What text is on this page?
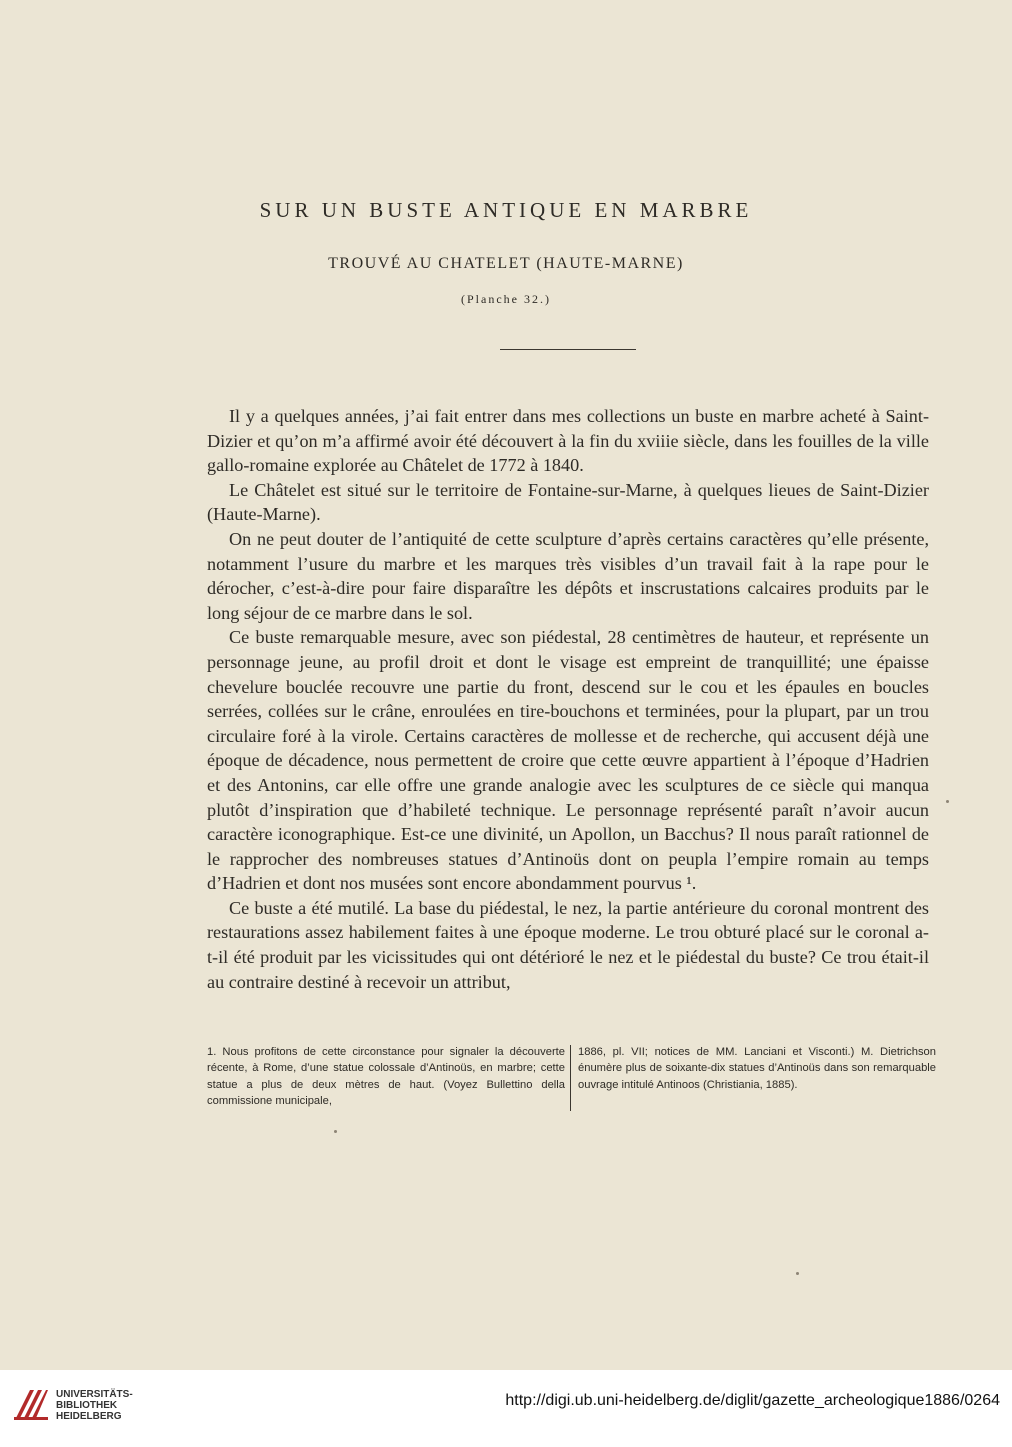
SUR UN BUSTE ANTIQUE EN MARBRE
TROUVÉ AU CHATELET (HAUTE-MARNE)
(Planche 32.)

Il y a quelques années, j’ai fait entrer dans mes collections un buste en marbre acheté à Saint-Dizier et qu’on m’a affirmé avoir été découvert à la fin du xviiie siècle, dans les fouilles de la ville gallo-romaine explorée au Châtelet de 1772 à 1840.

Le Châtelet est situé sur le territoire de Fontaine-sur-Marne, à quelques lieues de Saint-Dizier (Haute-Marne).

On ne peut douter de l’antiquité de cette sculpture d’après certains caractères qu’elle présente, notamment l’usure du marbre et les marques très visibles d’un travail fait à la rape pour le dérocher, c’est-à-dire pour faire disparaître les dépôts et inscrustations calcaires produits par le long séjour de ce marbre dans le sol.

Ce buste remarquable mesure, avec son piédestal, 28 centimètres de hauteur, et représente un personnage jeune, au profil droit et dont le visage est empreint de tranquillité; une épaisse chevelure bouclée recouvre une partie du front, descend sur le cou et les épaules en boucles serrées, collées sur le crâne, enroulées en tire-bouchons et terminées, pour la plupart, par un trou circulaire foré à la virole. Certains caractères de mollesse et de recherche, qui accusent déjà une époque de décadence, nous permettent de croire que cette œuvre appartient à l’époque d’Hadrien et des Antonins, car elle offre une grande analogie avec les sculptures de ce siècle qui manqua plutôt d’inspiration que d’habileté technique. Le personnage représenté paraît n’avoir aucun caractère iconographique. Est-ce une divinité, un Apollon, un Bacchus? Il nous paraît rationnel de le rapprocher des nombreuses statues d’Antinoüs dont on peupla l’empire romain au temps d’Hadrien et dont nos musées sont encore abondamment pourvus ¹.

Ce buste a été mutilé. La base du piédestal, le nez, la partie antérieure du coronal montrent des restaurations assez habilement faites à une époque moderne. Le trou obturé placé sur le coronal a-t-il été produit par les vicissitudes qui ont détérioré le nez et le piédestal du buste? Ce trou était-il au contraire destiné à recevoir un attribut,

1. Nous profitons de cette circonstance pour signaler la découverte récente, à Rome, d’une statue colossale d’Antinoüs, en marbre; cette statue a plus de deux mètres de haut. (Voyez Bullettino della commissione municipale,
1886, pl. VII; notices de MM. Lanciani et Visconti.) M. Dietrichson énumère plus de soixante-dix statues d’Antinoüs dans son remarquable ouvrage intitulé Antinoos (Christiania, 1885).
UNIVERSITÄTS-
BIBLIOTHEK
HEIDELBERG
http://digi.ub.uni-heidelberg.de/diglit/gazette_archeologique1886/0264
